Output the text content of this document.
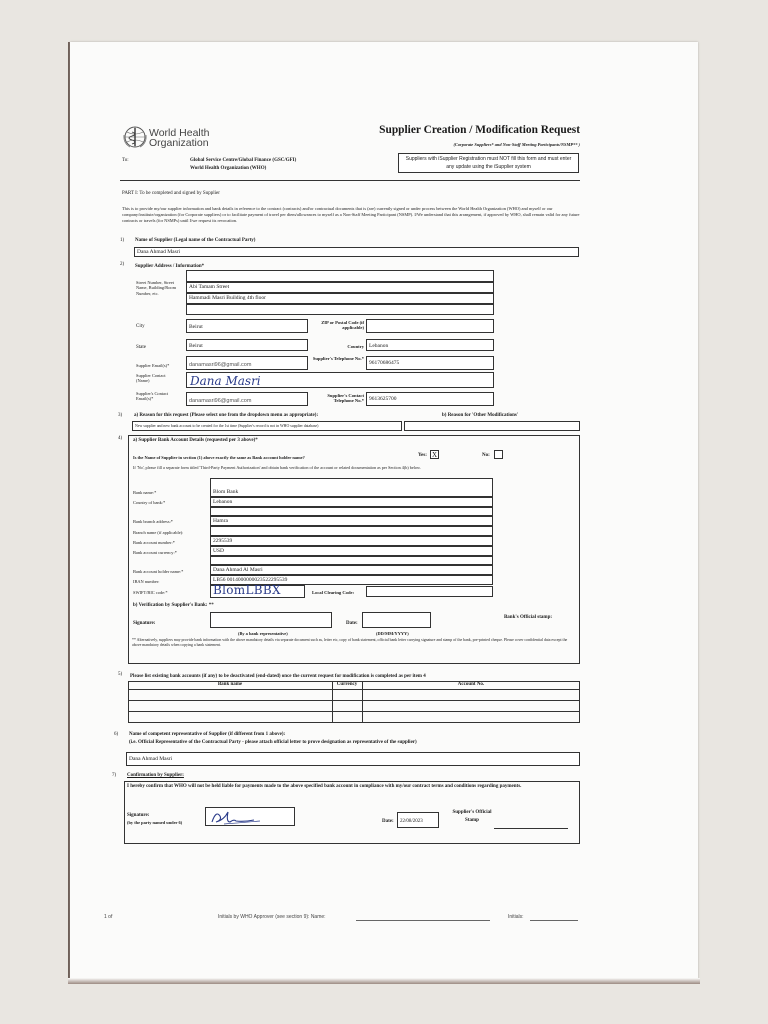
World Health
Organization
Supplier Creation / Modification Request
(Corporate Suppliers* and Non-Staff Meeting Participants/NSMP** )
To:	Global Service Centre/Global Finance (GSC/GFI)
World Health Organization (WHO)
Suppliers with iSupplier Registration must NOT fill this form and must enter any update using the iSupplier system
PART I: To be completed and signed by Supplier
This is to provide my/our supplier information and bank details in reference to the contract (contracts) and/or contractual documents that is (are) currently signed or under process between the World Health Organization (WHO) and myself or our company/institute/organization (for Corporate suppliers) or to facilitate payment of travel per diem/allowances to myself as a Non-Staff Meeting Participant (NSMP). I/We understand that this arrangement, if approved by WHO, shall remain valid for any future contracts or travels (for NSMPs) until I/we request its revocation.
1) Name of Supplier (Legal name of the Contractual Party)
Dana Ahmad Masri
2) Supplier Address / Information*
Street Number, Street Name, Building/Room Number, etc.
Abi Tamam Street
Hammadi Masri Building 4th floor
City	Beirut
ZIP or Postal Code (if applicable)
State	Beirut	Country Lebanon
Supplier Email(s)*	danamasri96@gmail.com
Supplier's Telephone No.*
96170686475
Supplier Contact (Name)	Dana Masri
Supplier's Contact Email(s)*	danamasri96@gmail.com
Supplier's Contact Telephone No.* 9613625700
3) a) Reason for this request (Please select one from the dropdown menu as appropriate):	b) Reason for 'Other Modifications'
New supplier and new bank account to be created for the 1st time (Supplier's record is not in WHO supplier database)
4) a) Supplier Bank Account Details (requested per 3 above)*
Is the Name of Supplier in section (1) above exactly the same as Bank account holder name?	Yes: X	No:
If 'No', please fill a separate form titled 'Third-Party Payment Authorization' and obtain bank verification of the account or related documentation as per Section 4(b) below.
Bank name:*	Blom Bank
Country of bank:*	Lebanon
Bank branch address:*	Hamra
Branch name (if applicable):
Bank account number:*	2295539
Bank account currency:*	USD
Bank account holder name:*	Dana Ahmad Al Masri
IBAN number:	LB56 0014000000023522295539
SWIFT/BIC code:*	BlomLBBX	Local Clearing Code:
b) Verification by Supplier's Bank: **
Signature:
(By a bank representative)
Date:
(DD/MM/YYYY)
Bank's Official stamp:
** Alternatively, suppliers may provide bank information with the above mandatory details via separate document such as, letter etc, copy of bank statement, official bank letter carrying signature and stamp of the bank, pre-printed cheque. Please cover confidential data except the above mandatory details when copying a bank statement.
5) Please list existing bank accounts (if any) to be deactivated (end-dated) once the current request for modification is completed as per item 4
Bank name	Currency	Account No.
6) Name of competent representative of Supplier (if different from 1 above):
(i.e. Official Representative of the Contractual Party - please attach official letter to prove designation as representative of the supplier)
Dana Ahmad Masri
7) Confirmation by Supplier:
I hereby confirm that WHO will not be held liable for payments made to the above specified bank account in compliance with my/our contract terms and conditions regarding payments.
Signature:
(by the party named under 6)	Date:	22/08/2023
Supplier's Official Stamp
1 of	Initials by WHO Approver (see section 9): Name:	Initials:
